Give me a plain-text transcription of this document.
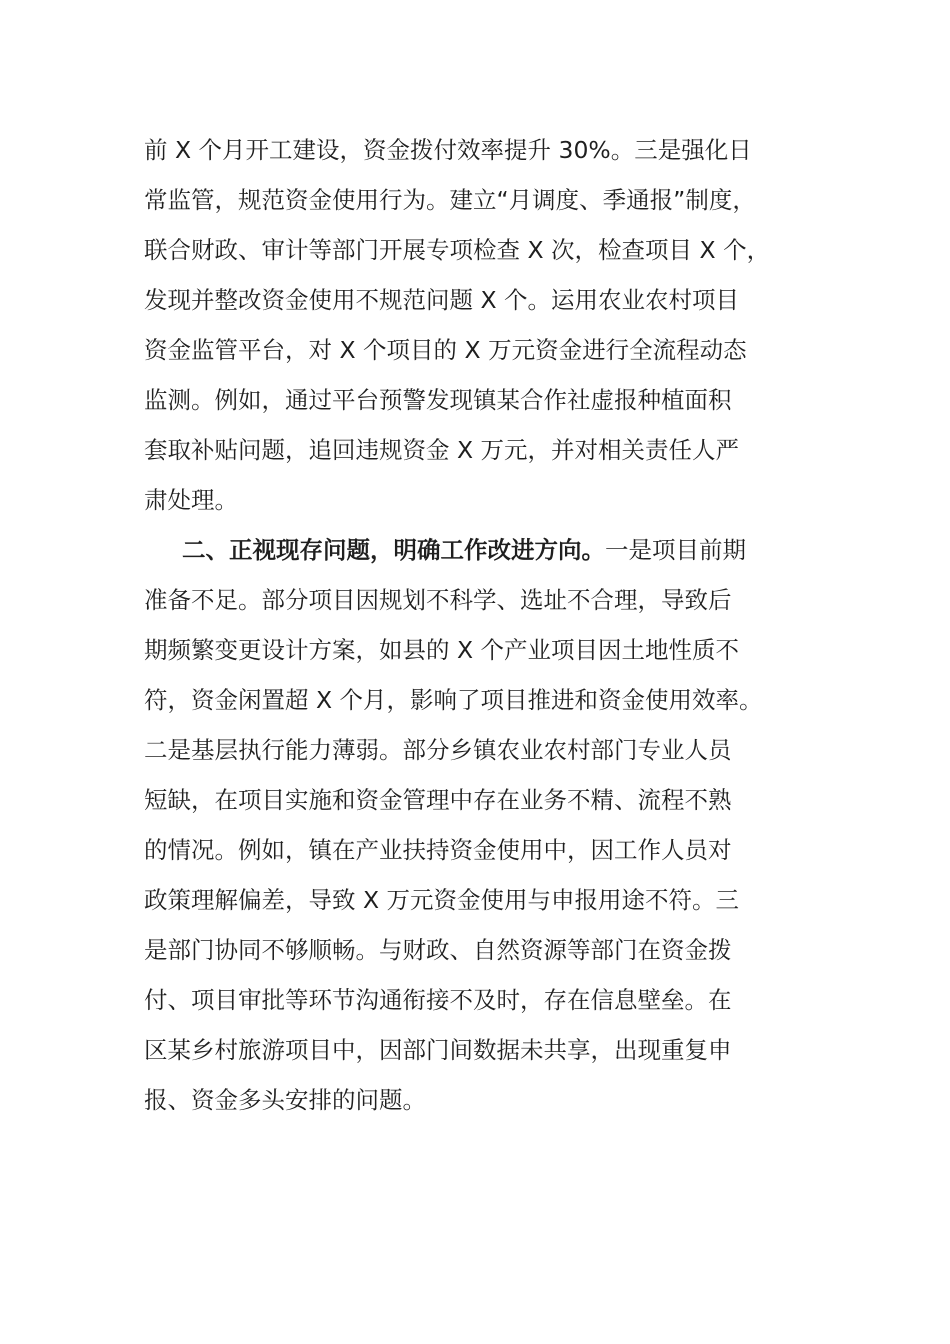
前 X 个月开工建设，资金拨付效率提升 30%。三是强化日
常监管，规范资金使用行为。建立“月调度、季通报”制度，
联合财政、审计等部门开展专项检查 X 次，检查项目 X 个，
发现并整改资金使用不规范问题 X 个。运用农业农村项目
资金监管平台，对 X 个项目的 X 万元资金进行全流程动态
监测。例如，通过平台预警发现镇某合作社虚报种植面积
套取补贴问题，追回违规资金 X 万元，并对相关责任人严
肃处理。
二、正视现存问题，明确工作改进方向。一是项目前期
准备不足。部分项目因规划不科学、选址不合理，导致后
期频繁变更设计方案，如县的 X 个产业项目因土地性质不
符，资金闲置超 X 个月，影响了项目推进和资金使用效率。
二是基层执行能力薄弱。部分乡镇农业农村部门专业人员
短缺，在项目实施和资金管理中存在业务不精、流程不熟
的情况。例如，镇在产业扶持资金使用中，因工作人员对
政策理解偏差，导致 X 万元资金使用与申报用途不符。三
是部门协同不够顺畅。与财政、自然资源等部门在资金拨
付、项目审批等环节沟通衔接不及时，存在信息壁垒。在
区某乡村旅游项目中，因部门间数据未共享，出现重复申
报、资金多头安排的问题。
